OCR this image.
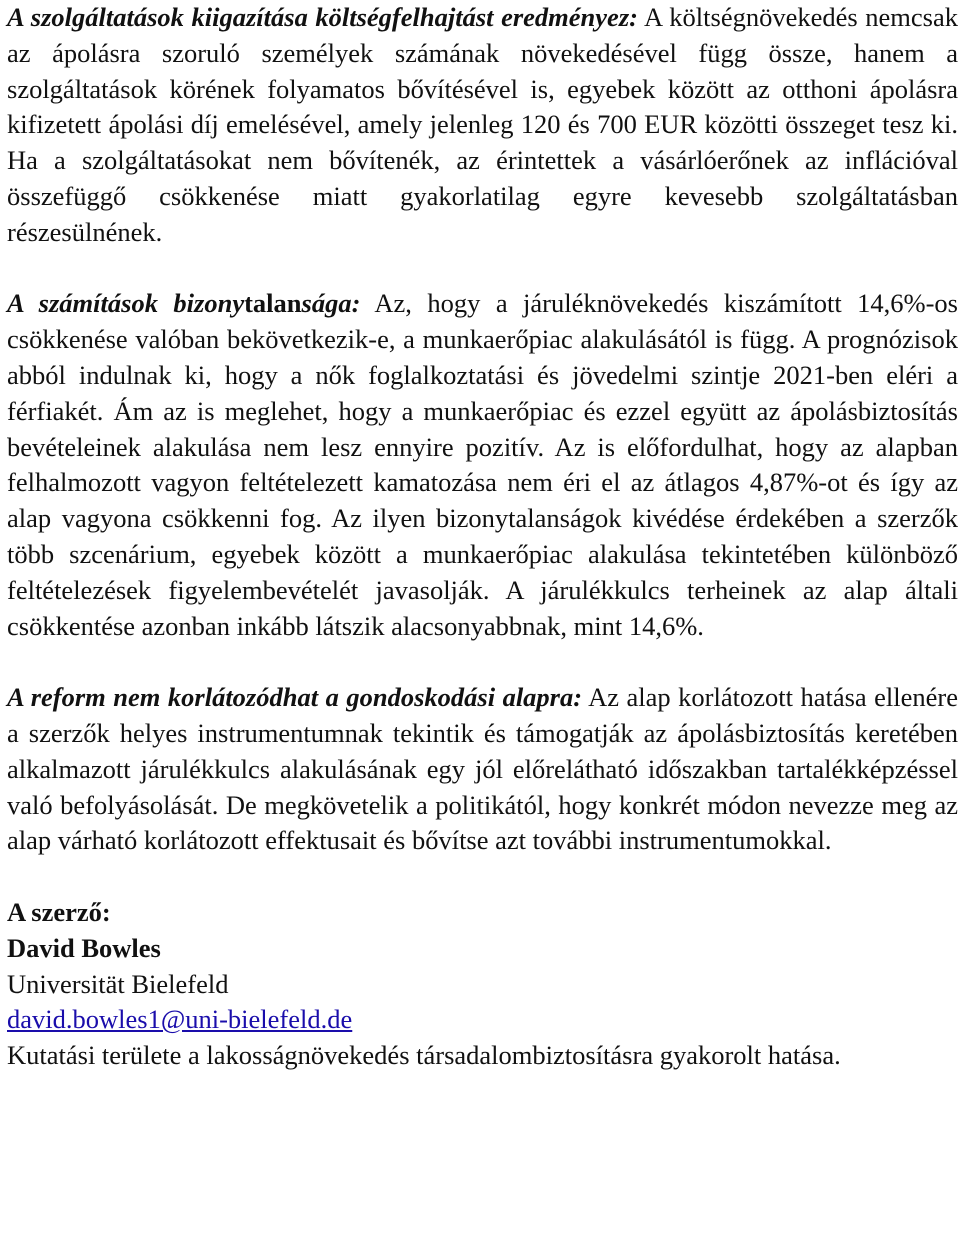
A szolgáltatások kiigazítása költségfelhajtást eredményez: A költségnövekedés nemcsak az ápolásra szoruló személyek számának növekedésével függ össze, hanem a szolgáltatások körének folyamatos bővítésével is, egyebek között az otthoni ápolásra kifizetett ápolási díj emelésével, amely jelenleg 120 és 700 EUR közötti összeget tesz ki. Ha a szolgáltatásokat nem bővítenék, az érintettek a vásárlóerőnek az inflációval összefüggő csökkenése miatt gyakorlatilag egyre kevesebb szolgáltatásban részesülnének.

A számítások bizonytalansága: Az, hogy a járuléknövekedés kiszámított 14,6%-os csökkenése valóban bekövetkezik-e, a munkaerőpiac alakulásától is függ. A prognózisok abból indulnak ki, hogy a nők foglalkoztatási és jövedelmi szintje 2021-ben eléri a férfiakét. Ám az is meglehet, hogy a munkaerőpiac és ezzel együtt az ápolásbiztosítás bevételeinek alakulása nem lesz ennyire pozitív. Az is előfordulhat, hogy az alapban felhalmozott vagyon feltételezett kamatozása nem éri el az átlagos 4,87%-ot és így az alap vagyona csökkenni fog. Az ilyen bizonytalanságok kivédése érdekében a szerzők több szcenárium, egyebek között a munkaerőpiac alakulása tekintetében különböző feltételezések figyelembevételét javasolják. A járulékkulcs terheinek az alap általi csökkentése azonban inkább látszik alacsonyabbnak, mint 14,6%.

A reform nem korlátozódhat a gondoskodási alapra: Az alap korlátozott hatása ellenére a szerzők helyes instrumentumnak tekintik és támogatják az ápolásbiztosítás keretében alkalmazott járulékkulcs alakulásának egy jól előrelátható időszakban tartalékképzéssel való befolyásolását. De megkövetelik a politikától, hogy konkrét módon nevezze meg az alap várható korlátozott effektusait és bővítse azt további instrumentumokkal.

A szerző:
David Bowles
Universität Bielefeld
david.bowles1@uni-bielefeld.de

Kutatási területe a lakosságnövekedés társadalombiztosításra gyakorolt hatása.
